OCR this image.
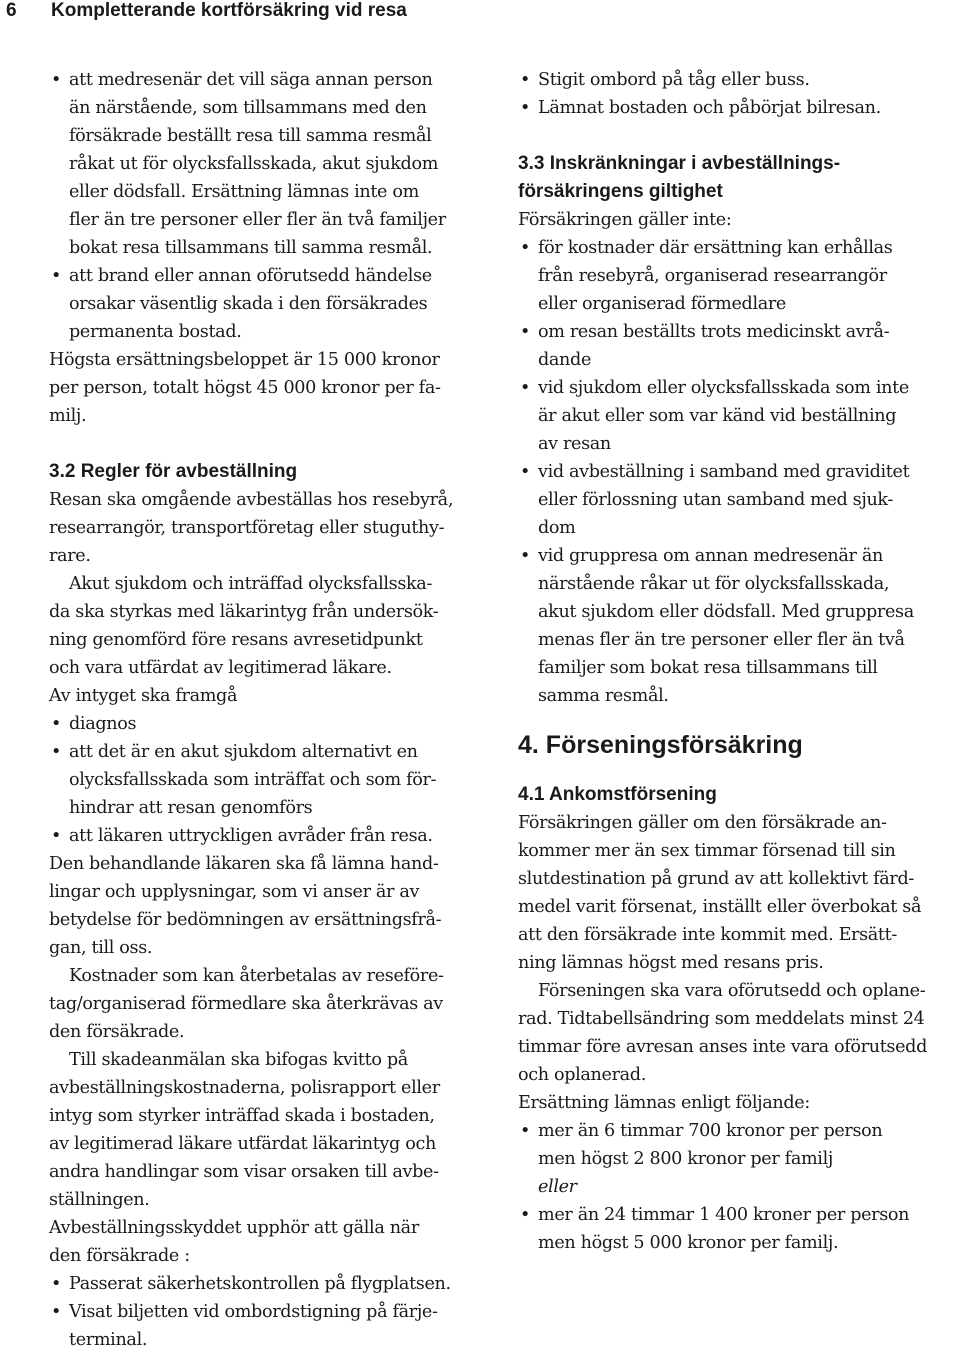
6 Kompletterande kortförsäkring vid resa
• att medresenär det vill säga annan person
än närstående, som tillsammans med den
försäkrade beställt resa till samma resmål
råkat ut för olycksfallsskada, akut sjukdom
eller dödsfall. Ersättning lämnas inte om
fler än tre personer eller fler än två familjer
bokat resa tillsammans till samma resmål.
• att brand eller annan oförutsedd händelse
orsakar väsentlig skada i den försäkrades
permanenta bostad.
Högsta ersättningsbeloppet är 15 000 kronor
per person, totalt högst 45 000 kronor per fa-
milj.
3.2 Regler för avbeställning
Resan ska omgående avbeställas hos resebyrå,
researrangör, transportföretag eller stuguthy-
rare.
Akut sjukdom och inträffad olycksfallsska-
da ska styrkas med läkarintyg från undersök-
ning genomförd före resans avresetidpunkt
och vara utfärdat av legitimerad läkare.
Av intyget ska framgå
• diagnos
• att det är en akut sjukdom alternativt en
olycksfallsskada som inträffat och som för-
hindrar att resan genomförs
• att läkaren uttryckligen avråder från resa.
Den behandlande läkaren ska få lämna hand-
lingar och upplysningar, som vi anser är av
betydelse för bedömningen av ersättningsfrå-
gan, till oss.
Kostnader som kan återbetalas av reseföre-
tag/organiserad förmedlare ska återkrävas av
den försäkrade.
Till skadeanmälan ska bifogas kvitto på
avbeställningskostnaderna, polisrapport eller
intyg som styrker inträffad skada i bostaden,
av legitimerad läkare utfärdat läkarintyg och
andra handlingar som visar orsaken till avbe-
ställningen.
Avbeställningsskyddet upphör att gälla när
den försäkrade :
• Passerat säkerhetskontrollen på flygplatsen.
• Visat biljetten vid ombordstigning på färje-
terminal.
• Stigit ombord på tåg eller buss.
• Lämnat bostaden och påbörjat bilresan.
3.3 Inskränkningar i avbeställnings-
försäkringens giltighet
Försäkringen gäller inte:
• för kostnader där ersättning kan erhållas
från resebyrå, organiserad researrangör
eller organiserad förmedlare
• om resan beställts trots medicinskt avrå-
dande
• vid sjukdom eller olycksfallsskada som inte
är akut eller som var känd vid beställning
av resan
• vid avbeställning i samband med graviditet
eller förlossning utan samband med sjuk-
dom
• vid gruppresa om annan medresenär än
närstående råkar ut för olycksfallsskada,
akut sjukdom eller dödsfall. Med gruppresa
menas fler än tre personer eller fler än två
familjer som bokat resa tillsammans till
samma resmål.
4. Förseningsförsäkring
4.1 Ankomstförsening
Försäkringen gäller om den försäkrade an-
kommer mer än sex timmar försenad till sin
slutdestination på grund av att kollektivt färd-
medel varit försenat, inställt eller överbokat så
att den försäkrade inte kommit med. Ersätt-
ning lämnas högst med resans pris.
Förseningen ska vara oförutsedd och oplane-
rad. Tidtabellsändring som meddelats minst 24
timmar före avresan anses inte vara oförutsedd
och oplanerad.
Ersättning lämnas enligt följande:
• mer än 6 timmar 700 kronor per person
men högst 2 800 kronor per familj
eller
• mer än 24 timmar 1 400 kroner per person
men högst 5 000 kronor per familj.
